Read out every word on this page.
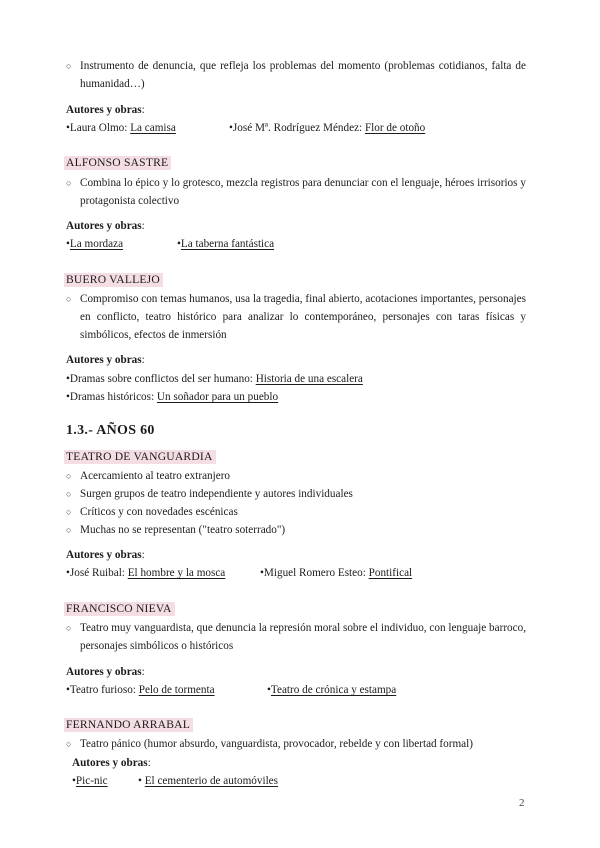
○ Instrumento de denuncia, que refleja los problemas del momento (problemas cotidianos, falta de humanidad…)
Autores y obras:
•Laura Olmo: La camisa	•José Mª. Rodríguez Méndez: Flor de otoño
ALFONSO SASTRE
○ Combina lo épico y lo grotesco, mezcla registros para denunciar con el lenguaje, héroes irrisorios y protagonista colectivo
Autores y obras:
•La mordaza	•La taberna fantástica
BUERO VALLEJO
○ Compromiso con temas humanos, usa la tragedia, final abierto, acotaciones importantes, personajes en conflicto, teatro histórico para analizar lo contemporáneo, personajes con taras físicas y simbólicos, efectos de inmersión
Autores y obras:
•Dramas sobre conflictos del ser humano: Historia de una escalera
•Dramas históricos: Un soñador para un pueblo
1.3.- AÑOS 60
TEATRO DE VANGUARDIA
○ Acercamiento al teatro extranjero
○ Surgen grupos de teatro independiente y autores individuales
○ Críticos y con novedades escénicas
○ Muchas no se representan ("teatro soterrado")
Autores y obras:
•José Ruibal: El hombre y la mosca	•Miguel Romero Esteo: Pontifical
FRANCISCO NIEVA
○ Teatro muy vanguardista, que denuncia la represión moral sobre el individuo, con lenguaje barroco, personajes simbólicos o históricos
Autores y obras:
•Teatro furioso: Pelo de tormenta	•Teatro de crónica y estampa
FERNANDO ARRABAL
○ Teatro pánico (humor absurdo, vanguardista, provocador, rebelde y con libertad formal)
Autores y obras:
•Pic-nic	• El cementerio de automóviles
2
